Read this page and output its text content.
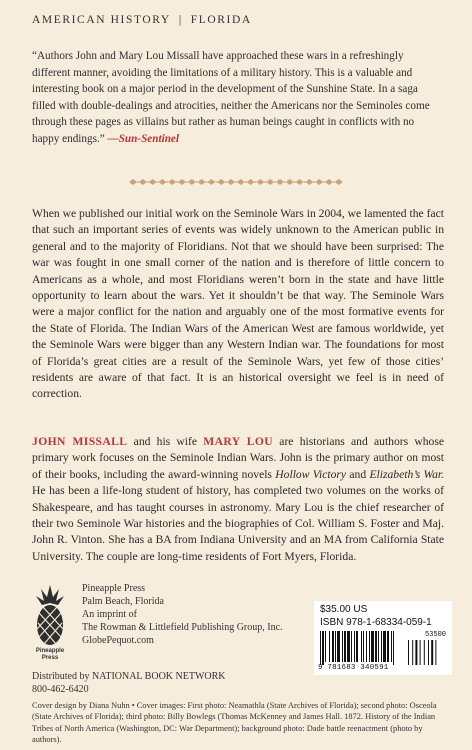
AMERICAN HISTORY | FLORIDA
“Authors John and Mary Lou Missall have approached these wars in a refreshingly different manner, avoiding the limitations of a military history. This is a valuable and interesting book on a major period in the development of the Sunshine State. In a saga filled with double-dealings and atrocities, neither the Americans nor the Seminoles come through these pages as villains but rather as human beings caught in conflicts with no happy endings.” —Sun-Sentinel
When we published our initial work on the Seminole Wars in 2004, we lamented the fact that such an important series of events was widely unknown to the American public in general and to the majority of Floridians. Not that we should have been surprised: The war was fought in one small corner of the nation and is therefore of little concern to Americans as a whole, and most Floridians weren’t born in the state and have little opportunity to learn about the wars. Yet it shouldn’t be that way. The Seminole Wars were a major conflict for the nation and arguably one of the most formative events for the State of Florida. The Indian Wars of the American West are famous worldwide, yet the Seminole Wars were bigger than any Western Indian war. The foundations for most of Florida’s great cities are a result of the Seminole Wars, yet few of those cities’ residents are aware of that fact. It is an historical oversight we feel is in need of correction.
JOHN MISSALL and his wife MARY LOU are historians and authors whose primary work focuses on the Seminole Indian Wars. John is the primary author on most of their books, including the award-winning novels Hollow Victory and Elizabeth’s War. He has been a life-long student of history, has completed two volumes on the works of Shakespeare, and has taught courses in astronomy. Mary Lou is the chief researcher of their two Seminole War histories and the biographies of Col. William S. Foster and Maj. John R. Vinton. She has a BA from Indiana University and an MA from California State University. The couple are long-time residents of Fort Myers, Florida.
Pineapple
Press
Pineapple Press
Palm Beach, Florida
An imprint of
The Rowman & Littlefield Publishing Group, Inc.
GlobePequot.com
Distributed by NATIONAL BOOK NETWORK
800-462-6420
$35.00 US
ISBN 978-1-68334-059-1
53500
9 781683 340591
Cover design by Diana Nuhn • Cover images: First photo: Neamathla (State Archives of Florida); second photo: Osceola (State Archives of Florida); third photo: Billy Bowlegs (Thomas McKenney and James Hall. 1872. History of the Indian Tribes of North America (Washington, DC: War Department); background photo: Dade battle reenactment (photo by authors).
